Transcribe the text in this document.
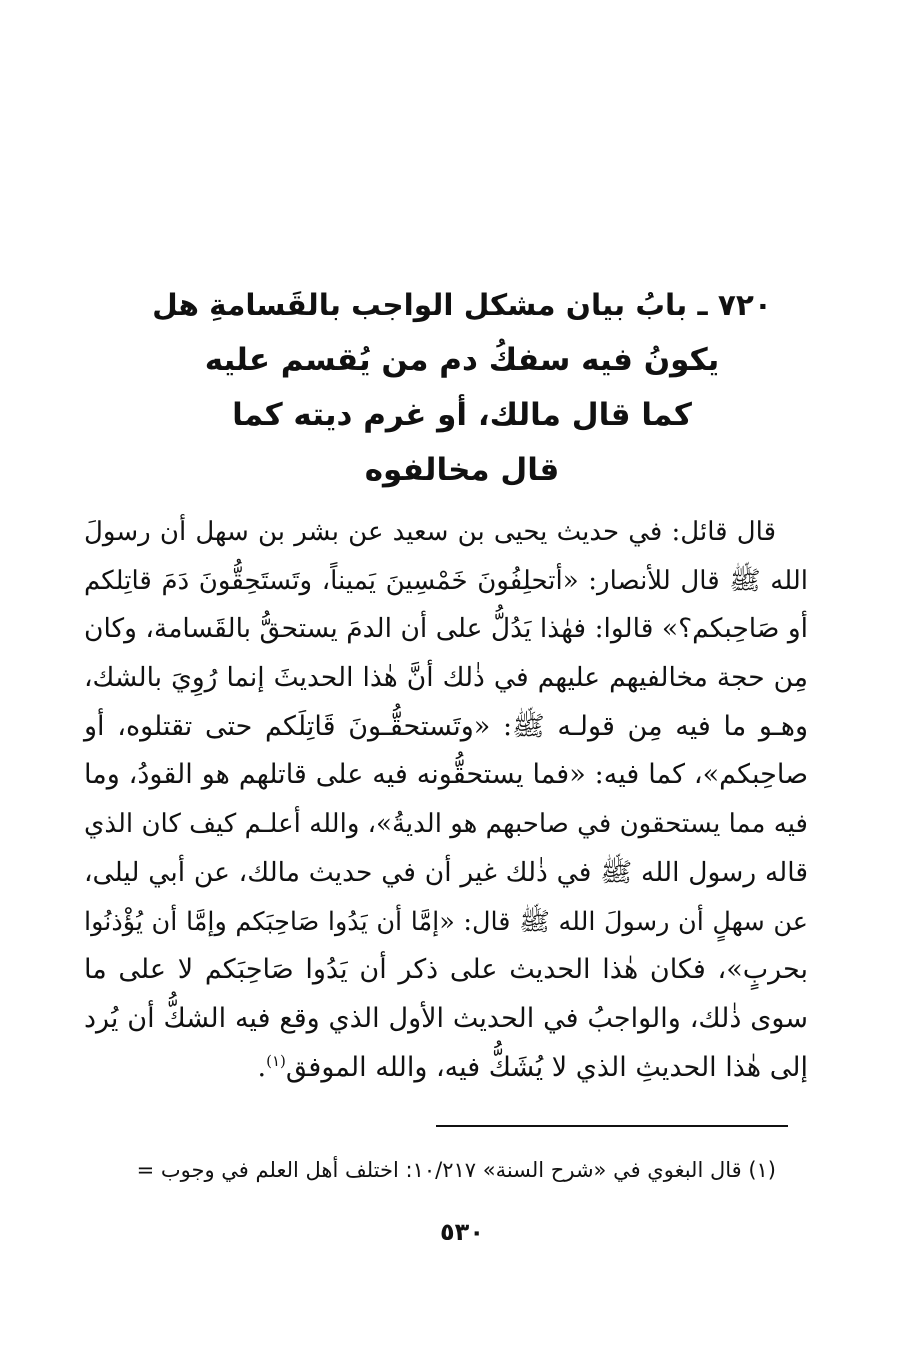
٧٢٠ ـ بابُ بيان مشكل الواجب بالقَسامةِ هل
يكونُ فيه سفكُ دم من يُقسم عليه
كما قال مالك، أو غرم ديته كما
قال مخالفوه
قال قائل: في حديث يحيى بن سعيد عن بشر بن سهل أن رسولَ
الله ﷺ قال للأنصار: «أتحلِفُونَ خَمْسِينَ يَميناً، وتَستَحِقُّونَ دَمَ قاتِلكم
أو صَاحِبكم؟» قالوا: فهٰذا يَدُلُّ على أن الدمَ يستحقُّ بالقَسامة، وكان
مِن حجة مخالفيهم عليهم في ذٰلك أنَّ هٰذا الحديثَ إنما رُوِيَ بالشك،
وهـو ما فيه مِن قولـه ﷺ: «وتَستحقُّـونَ قَاتِلَكم حتى تقتلوه، أو
صاحِبكم»، كما فيه: «فما يستحقُّونه فيه على قاتلهم هو القودُ، وما
فيه مما يستحقون في صاحبهم هو الديةُ»، والله أعلـم كيف كان الذي
قاله رسول الله ﷺ في ذٰلك غير أن في حديث مالك، عن أبي ليلى،
عن سهلٍ أن رسولَ الله ﷺ قال: «إمَّا أن يَدُوا صَاحِبَكم وإمَّا أن يُؤْذنُوا
بحربٍ»، فكان هٰذا الحديث على ذكر أن يَدُوا صَاحِبَكم لا على ما
سوى ذٰلك، والواجبُ في الحديث الأول الذي وقع فيه الشكُّ أن يُرد
إلى هٰذا الحديثِ الذي لا يُشَكُّ فيه، والله الموفق$^{(١)}$.

(١) قال البغوي في «شرح السنة» ١٠/٢١٧: اختلف أهل العلم في وجوب =

٥٣٠
